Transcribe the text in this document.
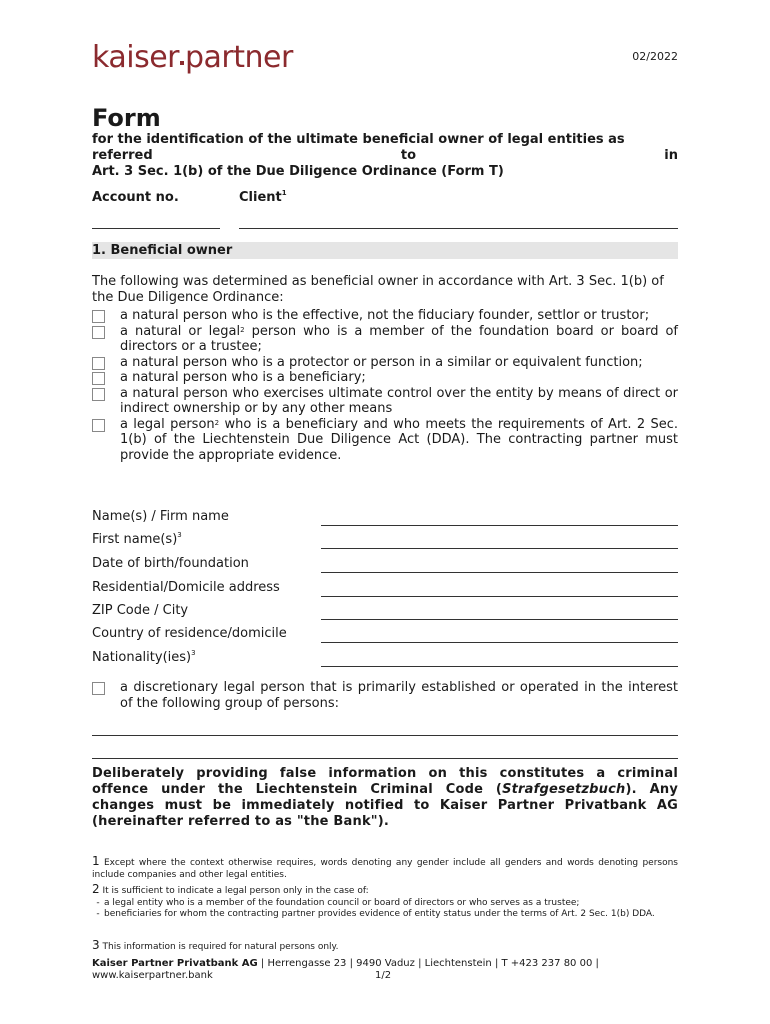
kaiser partner	02/2022
Form
for the identification of the ultimate beneficial owner of legal entities as
referred	to	in
Art. 3 Sec. 1(b) of the Due Diligence Ordinance (Form T)
Account no.	Client$^1$
1. Beneficial owner
The following was determined as beneficial owner in accordance with Art. 3 Sec. 1(b) of the Due Diligence Ordinance:
a natural person who is the effective, not the fiduciary founder, settlor or trustor;
a natural or legal$^2$ person who is a member of the foundation board or board of directors or a trustee;
a natural person who is a protector or person in a similar or equivalent function;
a natural person who is a beneficiary;
a natural person who exercises ultimate control over the entity by means of direct or indirect ownership or by any other means
a legal person$^2$ who is a beneficiary and who meets the requirements of Art. 2 Sec. 1(b) of the Liechtenstein Due Diligence Act (DDA). The contracting partner must provide the appropriate evidence.
Name(s) / Firm name
First $name(s)^3$
Date of birth/foundation
Residential/Domicile address
ZIP Code / City
Country of residence/domicile
Nationality(ies)$^3$
a discretionary legal person that is primarily established or operated in the interest of the following group of persons:
Deliberately providing false information on this constitutes a criminal offence under the Liechtenstein Criminal Code (Strafgesetzbuch). Any changes must be immediately notified to Kaiser Partner Privatbank AG (hereinafter referred to as "the Bank").
1 Except where the context otherwise requires, words denoting any gender include all genders and words denoting persons include companies and other legal entities.
2 It is sufficient to indicate a legal person only in the case of:
- a legal entity who is a member of the foundation council or board of directors or who serves as a trustee;
- beneficiaries for whom the contracting partner provides evidence of entity status under the terms of Art. 2 Sec. 1(b) DDA.
3 This information is required for natural persons only.
Kaiser Partner Privatbank AG | Herrengasse 23 | 9490 Vaduz | Liechtenstein | T +423 237 80 00 |
www.kaiserpartner.bank	1/2
